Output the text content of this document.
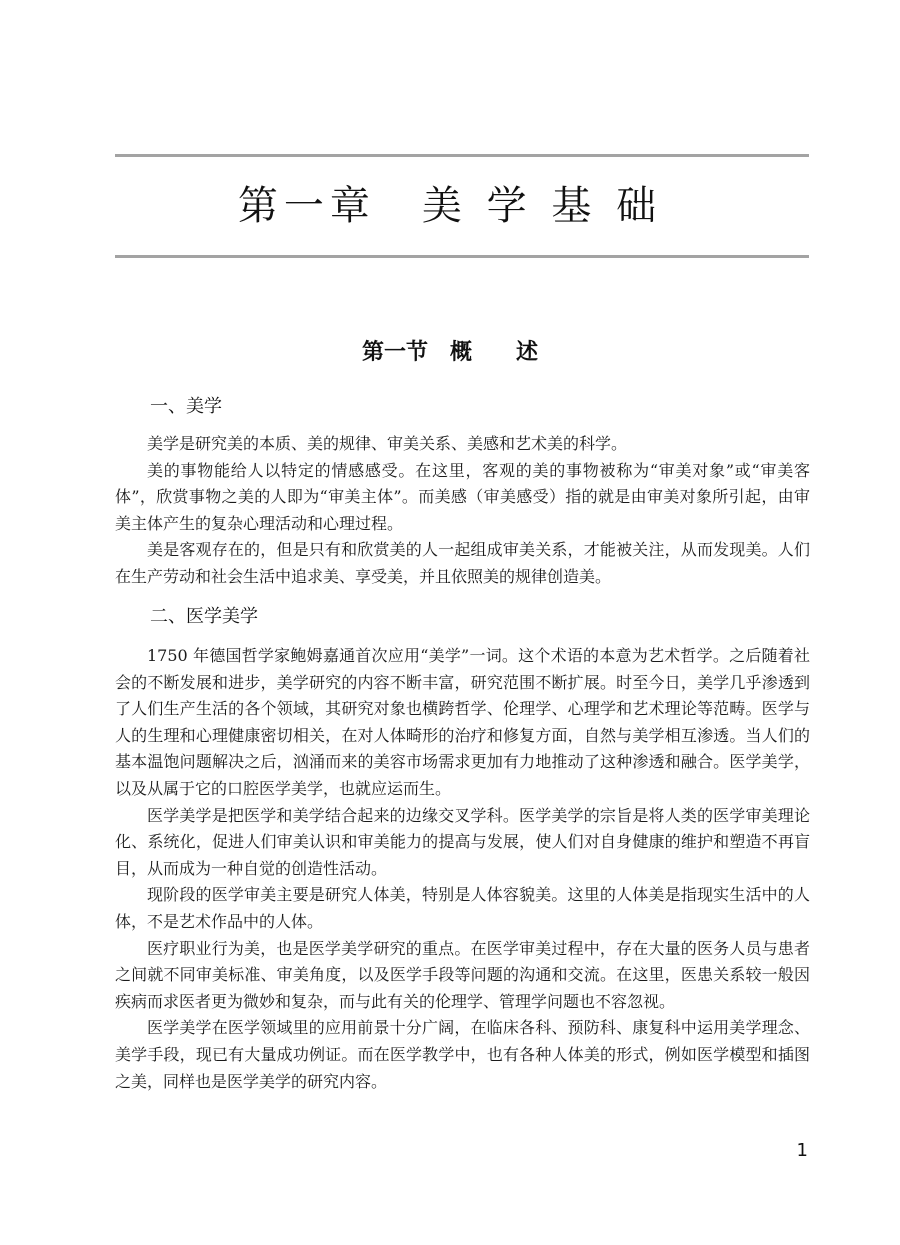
第一章　美 学 基 础
第一节　概　　述
一、美学

美学是研究美的本质、美的规律、审美关系、美感和艺术美的科学。

美的事物能给人以特定的情感感受。在这里，客观的美的事物被称为“审美对象”或“审美客体”，欣赏事物之美的人即为“审美主体”。而美感（审美感受）指的就是由审美对象所引起，由审美主体产生的复杂心理活动和心理过程。

美是客观存在的，但是只有和欣赏美的人一起组成审美关系，才能被关注，从而发现美。人们在生产劳动和社会生活中追求美、享受美，并且依照美的规律创造美。

二、医学美学

1750 年德国哲学家鲍姆嘉通首次应用“美学”一词。这个术语的本意为艺术哲学。之后随着社会的不断发展和进步，美学研究的内容不断丰富，研究范围不断扩展。时至今日，美学几乎渗透到了人们生产生活的各个领域，其研究对象也横跨哲学、伦理学、心理学和艺术理论等范畴。医学与人的生理和心理健康密切相关，在对人体畸形的治疗和修复方面，自然与美学相互渗透。当人们的基本温饱问题解决之后，汹涌而来的美容市场需求更加有力地推动了这种渗透和融合。医学美学，以及从属于它的口腔医学美学，也就应运而生。

医学美学是把医学和美学结合起来的边缘交叉学科。医学美学的宗旨是将人类的医学审美理论化、系统化，促进人们审美认识和审美能力的提高与发展，使人们对自身健康的维护和塑造不再盲目，从而成为一种自觉的创造性活动。

现阶段的医学审美主要是研究人体美，特别是人体容貌美。这里的人体美是指现实生活中的人体，不是艺术作品中的人体。

医疗职业行为美，也是医学美学研究的重点。在医学审美过程中，存在大量的医务人员与患者之间就不同审美标准、审美角度，以及医学手段等问题的沟通和交流。在这里，医患关系较一般因疾病而求医者更为微妙和复杂，而与此有关的伦理学、管理学问题也不容忽视。

医学美学在医学领域里的应用前景十分广阔，在临床各科、预防科、康复科中运用美学理念、美学手段，现已有大量成功例证。而在医学教学中，也有各种人体美的形式，例如医学模型和插图之美，同样也是医学美学的研究内容。

1
